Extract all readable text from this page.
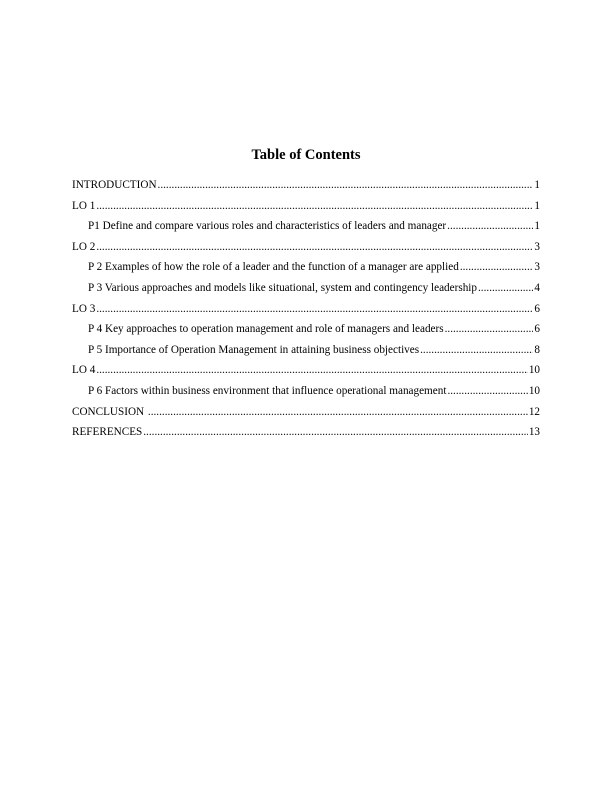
Table of Contents
INTRODUCTION .....	1
LO 1 .....	1
P1 Define and compare various roles and characteristics of leaders and manager .....	1
LO 2 .....	3
P 2 Examples of how the role of a leader and the function of a manager are applied .....	3
P 3 Various approaches and models like situational, system and contingency leadership .....	4
LO 3 .....	6
P 4 Key approaches to operation management and role of managers and leaders .....	6
P 5 Importance of Operation Management in attaining business objectives .....	8
LO 4 .....	10
P 6 Factors within business environment that influence operational management .....	10
CONCLUSION .....	12
REFERENCES .....	13
